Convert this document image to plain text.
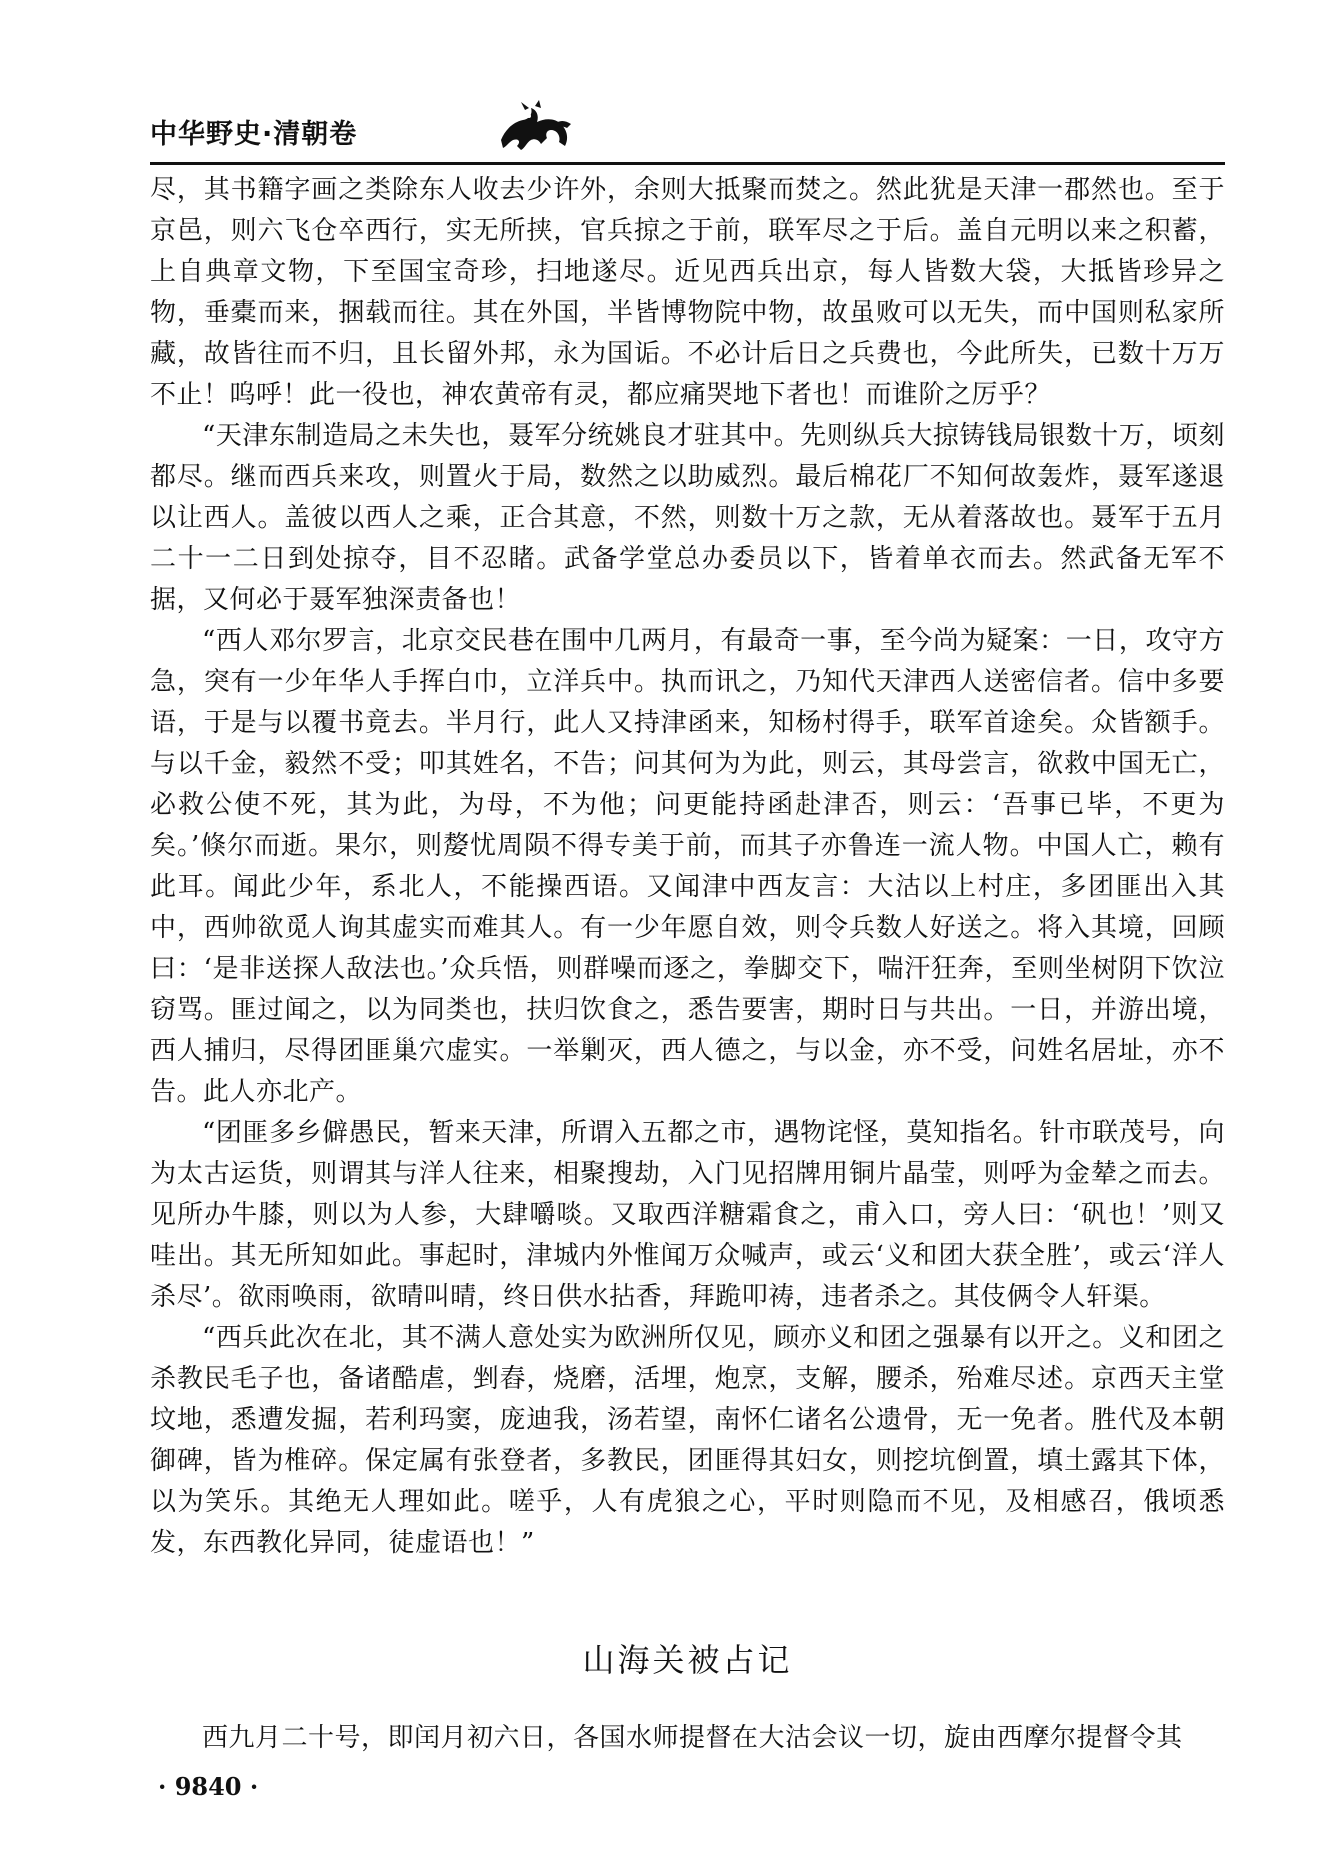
中华野史·清朝卷

尽，其书籍字画之类除东人收去少许外，余则大抵聚而焚之。然此犹是天津一郡然也。至于京邑，则六飞仓卒西行，实无所挟，官兵掠之于前，联军尽之于后。盖自元明以来之积蓄，上自典章文物，下至国宝奇珍，扫地遂尽。近见西兵出京，每人皆数大袋，大抵皆珍异之物，垂橐而来，捆载而往。其在外国，半皆博物院中物，故虽败可以无失，而中国则私家所藏，故皆往而不归，且长留外邦，永为国诟。不必计后日之兵费也，今此所失，已数十万万不止！呜呼！此一役也，神农黄帝有灵，都应痛哭地下者也！而谁阶之厉乎？

“天津东制造局之未失也，聂军分统姚良才驻其中。先则纵兵大掠铸钱局银数十万，顷刻都尽。继而西兵来攻，则置火于局，数然之以助威烈。最后棉花厂不知何故轰炸，聂军遂退以让西人。盖彼以西人之乘，正合其意，不然，则数十万之款，无从着落故也。聂军于五月二十一二日到处掠夺，目不忍睹。武备学堂总办委员以下，皆着单衣而去。然武备无军不据，又何必于聂军独深责备也！

“西人邓尔罗言，北京交民巷在围中几两月，有最奇一事，至今尚为疑案：一日，攻守方急，突有一少年华人手挥白巾，立洋兵中。执而讯之，乃知代天津西人送密信者。信中多要语，于是与以覆书竟去。半月行，此人又持津函来，知杨村得手，联军首途矣。众皆额手。与以千金，毅然不受；叩其姓名，不告；问其何为为此，则云，其母尝言，欲救中国无亡，必救公使不死，其为此，为母，不为他；问更能持函赴津否，则云：‘吾事已毕，不更为矣。’倏尔而逝。果尔，则嫠忧周陨不得专美于前，而其子亦鲁连一流人物。中国人亡，赖有此耳。闻此少年，系北人，不能操西语。又闻津中西友言：大沽以上村庄，多团匪出入其中，西帅欲觅人询其虚实而难其人。有一少年愿自效，则令兵数人好送之。将入其境，回顾曰：‘是非送探人敌法也。’众兵悟，则群噪而逐之，拳脚交下，喘汗狂奔，至则坐树阴下饮泣窃骂。匪过闻之，以为同类也，扶归饮食之，悉告要害，期时日与共出。一日，并游出境，西人捕归，尽得团匪巢穴虚实。一举剿灭，西人德之，与以金，亦不受，问姓名居址，亦不告。此人亦北产。

“团匪多乡僻愚民，暂来天津，所谓入五都之市，遇物诧怪，莫知指名。针市联茂号，向为太古运货，则谓其与洋人往来，相聚搜劫，入门见招牌用铜片晶莹，则呼为金辇之而去。见所办牛膝，则以为人参，大肆嚼啖。又取西洋糖霜食之，甫入口，旁人曰：‘矾也！’则又哇出。其无所知如此。事起时，津城内外惟闻万众喊声，或云‘义和团大获全胜’，或云‘洋人杀尽’。欲雨唤雨，欲晴叫晴，终日供水拈香，拜跪叩祷，违者杀之。其伎俩令人轩渠。

“西兵此次在北，其不满人意处实为欧洲所仅见，顾亦义和团之强暴有以开之。义和团之杀教民毛子也，备诸酷虐，剉舂，烧磨，活埋，炮烹，支解，腰杀，殆难尽述。京西天主堂坟地，悉遭发掘，若利玛窦，庞迪我，汤若望，南怀仁诸名公遗骨，无一免者。胜代及本朝御碑，皆为椎碎。保定属有张登者，多教民，团匪得其妇女，则挖坑倒置，填土露其下体，以为笑乐。其绝无人理如此。嗟乎，人有虎狼之心，平时则隐而不见，及相感召，俄顷悉发，东西教化异同，徒虚语也！”

山海关被占记
西九月二十号，即闰月初六日，各国水师提督在大沽会议一切，旋由西摩尔提督令其
· 9840 ·
